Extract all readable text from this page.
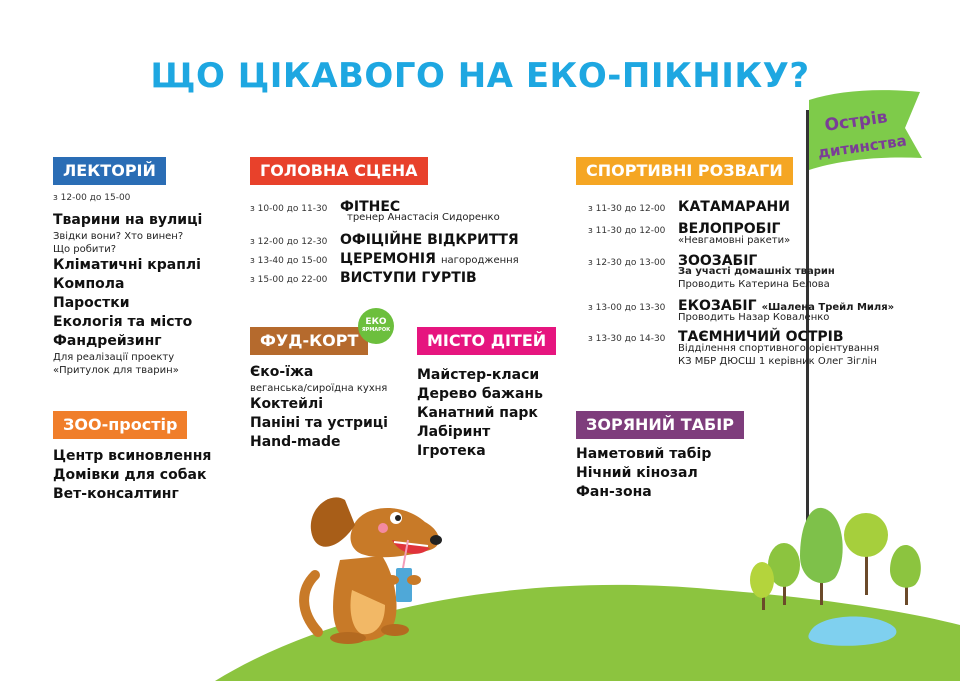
Острів
дитинства
ЩО ЦІКАВОГО НА ЕКО-ПІКНІКУ?
ЛЕКТОРІЙ
з 12-00 до 15-00
Тварини на вулиці
Звідки вони? Хто винен?
Що робити?
Кліматичні краплі
Компола
Паростки
Екологія та місто
Фандрейзинг
Для реалізації проекту
«Притулок для тварин»
ЗОО-простір
Центр всиновлення
Домівки для собак
Вет-консалтинг
ГОЛОВНА СЦЕНА
з 10-00 до 11-30 ФІТНЕС
тренер Анастасія Сидоренко
з 12-00 до 12-30 ОФІЦІЙНЕ ВІДКРИТТЯ
з 13-40 до 15-00 ЦЕРЕМОНІЯ нагородження
з 15-00 до 22-00 ВИСТУПИ ГУРТІВ
ФУД-КОРТ
ЕКО
ЯРМАРОК
Єко-їжа
веганська/сироїдна кухня
Коктейлі
Паніні та устриці
Hand-made
МІСТО ДІТЕЙ
Майстер-класи
Дерево бажань
Канатний парк
Лабіринт
Ігротека
СПОРТИВНІ РОЗВАГИ
з 11-30 до 12-00 КАТАМАРАНИ
з 11-30 до 12-00 ВЕЛОПРОБІГ
«Невгамовні ракети»
з 12-30 до 13-00 ЗООЗАБІГ
За участі домашніх тварин
Проводить Катерина Белова
з 13-00 до 13-30 ЕКОЗАБІГ «Шалена Трейл Миля»
Проводить Назар Коваленко
з 13-30 до 14-30 ТАЄМНИЧИЙ ОСТРІВ
Відділення спортивного орієнтування
КЗ МБР ДЮСШ 1 керівник Олег Зіглін
ЗОРЯНИЙ ТАБІР
Наметовий табір
Нічний кінозал
Фан-зона
